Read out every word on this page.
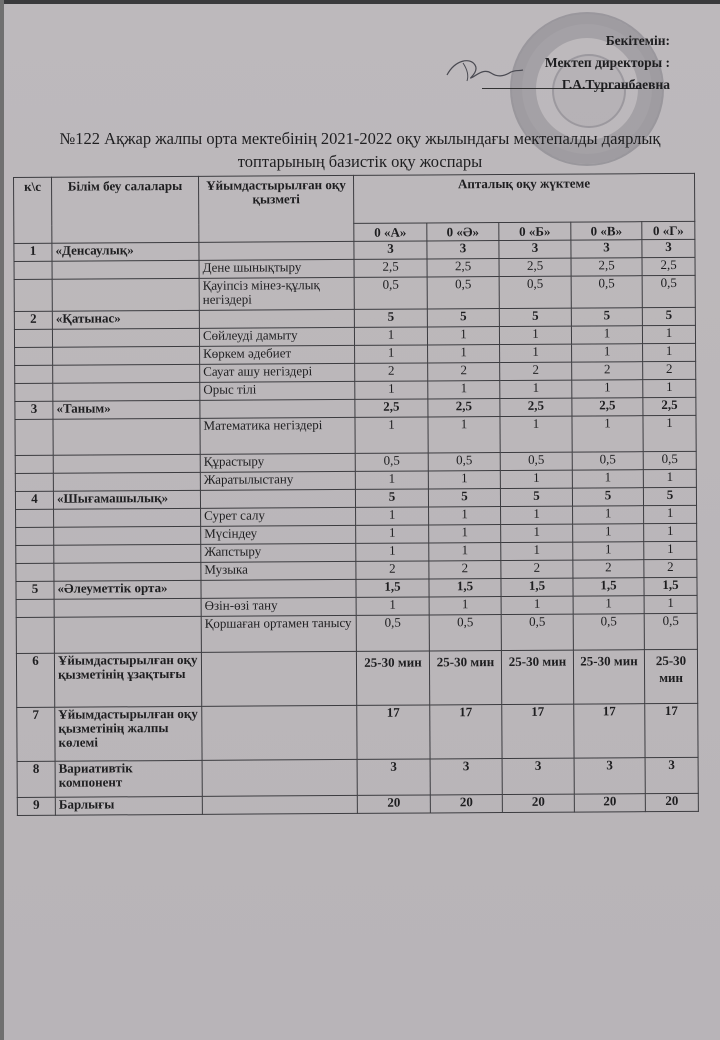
Бекітемін:
Мектеп директоры :
Г.А.Турганбаевна
№122 Ақжар жалпы орта мектебінің 2021-2022 оқу жылындағы мектепалды даярлық
топтарының базистік оқу жоспары
к\с	Білім беу салалары	Ұйымдастырылған оқу қызметі	Апталық оқу жүктеме				
			0 «А»	0 «Ә»	0 «Б»	0 «В»	0 «Г»
1	«Денсаулық»		3	3	3	3	3
		Дене шынықтыру	2,5	2,5	2,5	2,5	2,5
		Қауіпсіз мінез-құлық негіздері	0,5	0,5	0,5	0,5	0,5
2	«Қатынас»		5	5	5	5	5
		Сөйлеуді дамыту	1	1	1	1	1
		Көркем әдебиет	1	1	1	1	1
		Сауат ашу негіздері	2	2	2	2	2
		Орыс тілі	1	1	1	1	1
3	«Таным»		2,5	2,5	2,5	2,5	2,5
		Математика негіздері	1	1	1	1	1
		Құрастыру	0,5	0,5	0,5	0,5	0,5
		Жаратылыстану	1	1	1	1	1
4	«Шығамашылық»		5	5	5	5	5
		Сурет салу	1	1	1	1	1
		Мүсіндеу	1	1	1	1	1
		Жапстыру	1	1	1	1	1
		Музыка	2	2	2	2	2
5	«Әлеуметтік орта»		1,5	1,5	1,5	1,5	1,5
		Өзін-өзі тану	1	1	1	1	1
		Қоршаған ортамен танысу	0,5	0,5	0,5	0,5	0,5
6	Ұйымдастырылған оқу қызметінің ұзақтығы		25-30 мин	25-30 мин	25-30 мин	25-30 мин	25-30 мин
7	Ұйымдастырылған оқу қызметінің жалпы көлемі		17	17	17	17	17
8	Вариативтік компонент		3	3	3	3	3
9	Барлығы		20	20	20	20	20
